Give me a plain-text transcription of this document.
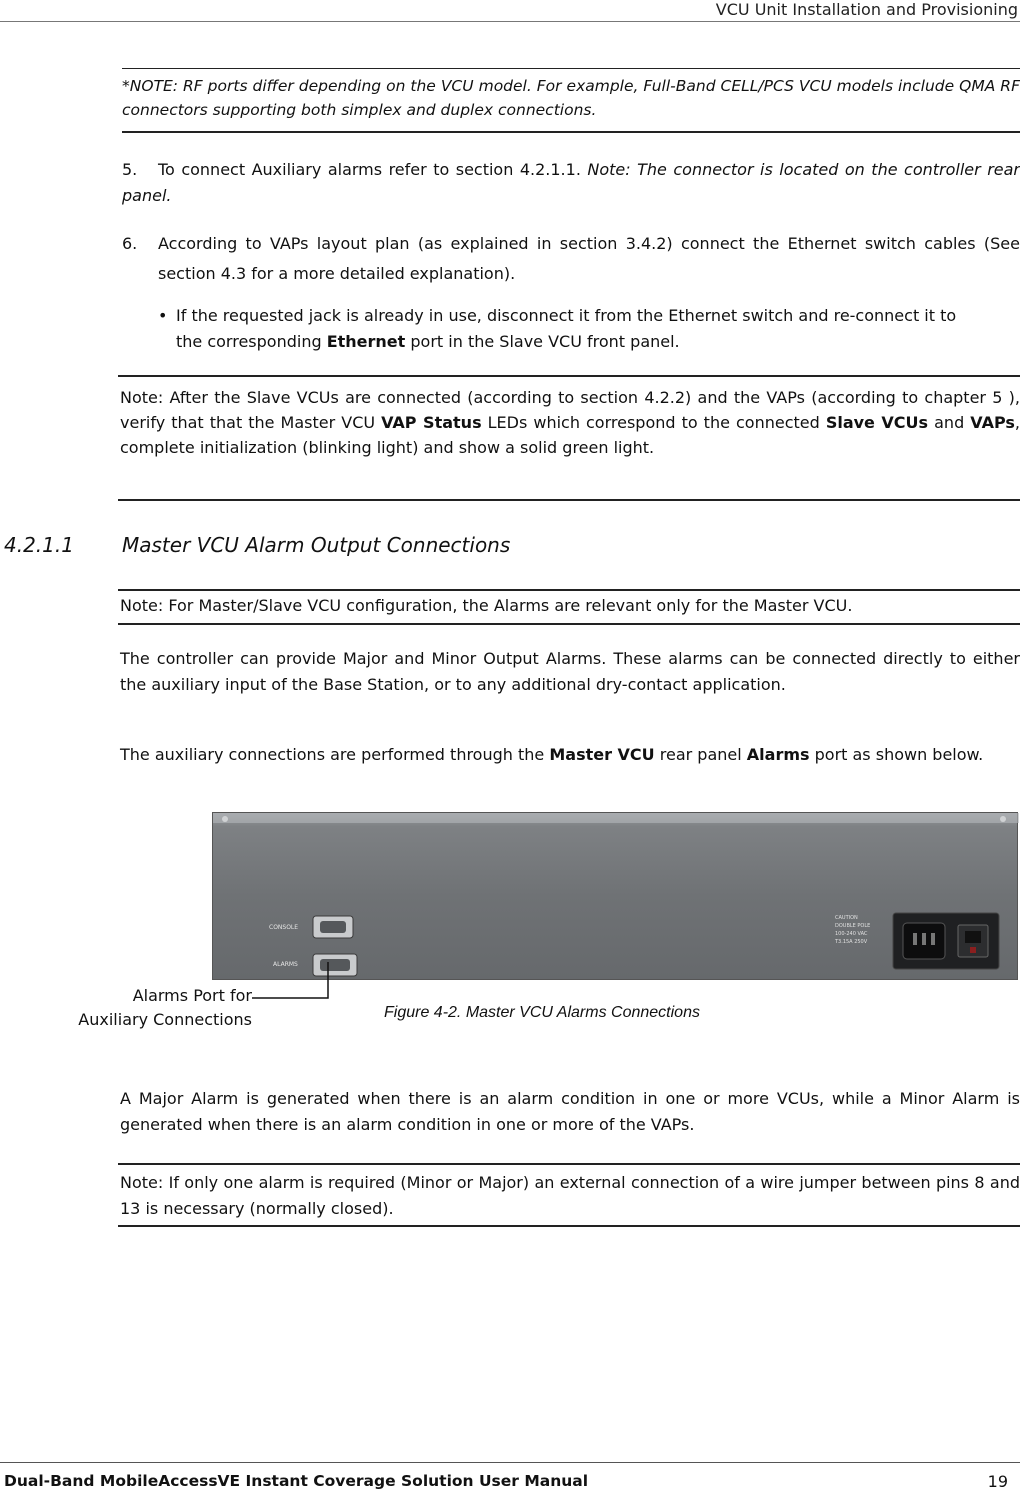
VCU Unit Installation and Provisioning
*NOTE: RF ports differ depending on the VCU model. For example, Full-Band CELL/PCS VCU models include QMA RF connectors supporting both simplex and duplex connections.
5. To connect Auxiliary alarms refer to section 4.2.1.1. Note: The connector is located on the controller rear panel.
6.	According to VAPs layout plan (as explained in section 3.4.2) connect the Ethernet switch cables (See section 4.3 for a more detailed explanation).
• If the requested jack is already in use, disconnect it from the Ethernet switch and re-connect it to the corresponding Ethernet port in the Slave VCU front panel.
Note: After the Slave VCUs are connected (according to section 4.2.2) and the VAPs (according to chapter 5 ), verify that that the Master VCU VAP Status LEDs which correspond to the connected Slave VCUs and VAPs, complete initialization (blinking light) and show a solid green light.
4.2.1.1 Master VCU Alarm Output Connections
Note: For Master/Slave VCU configuration, the Alarms are relevant only for the Master VCU.
The controller can provide Major and Minor Output Alarms. These alarms can be connected directly to either the auxiliary input of the Base Station, or to any additional dry-contact application.
The auxiliary connections are performed through the Master VCU rear panel Alarms port as shown below.
CONSOLE
ALARMS
CAUTION
DOUBLE POLE
100-240 VAC
T3.15A 250V
Alarms Port for
Auxiliary Connections	Figure 4-2. Master VCU Alarms Connections
A Major Alarm is generated when there is an alarm condition in one or more VCUs, while a Minor Alarm is generated when there is an alarm condition in one or more of the VAPs.
Note: If only one alarm is required (Minor or Major) an external connection of a wire jumper between pins 8 and 13 is necessary (normally closed).
Dual-Band MobileAccessVE Instant Coverage Solution User Manual	19
